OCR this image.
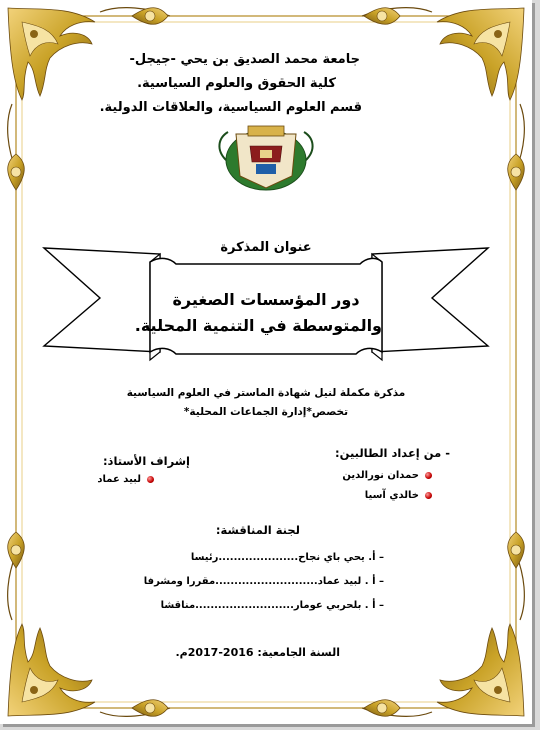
جامعة محمد الصديق بن يحي -جيجل-
كلية الحقوق والعلوم السياسية.
قسم العلوم السياسية، والعلاقات الدولية.
عنوان المذكرة
دور المؤسسات الصغيرة
والمتوسطة في التنمية المحلية.
مذكرة مكملة لنيل شهادة الماستر في العلوم السياسية
تخصص*إدارة الجماعات المحلية*
- من إعداد الطالبين:
حمدان نورالدين
خالدي آسيا
إشراف الأستاذ:
لبيد عماد
لجنة المناقشة:
– أ. يحي باي نجاح.....................رئيسا
– أ . لبيد عماد...........................مقررا ومشرفا
– أ . بلحربي عومار..........................مناقشا
السنة الجامعية: 2016-2017م.
